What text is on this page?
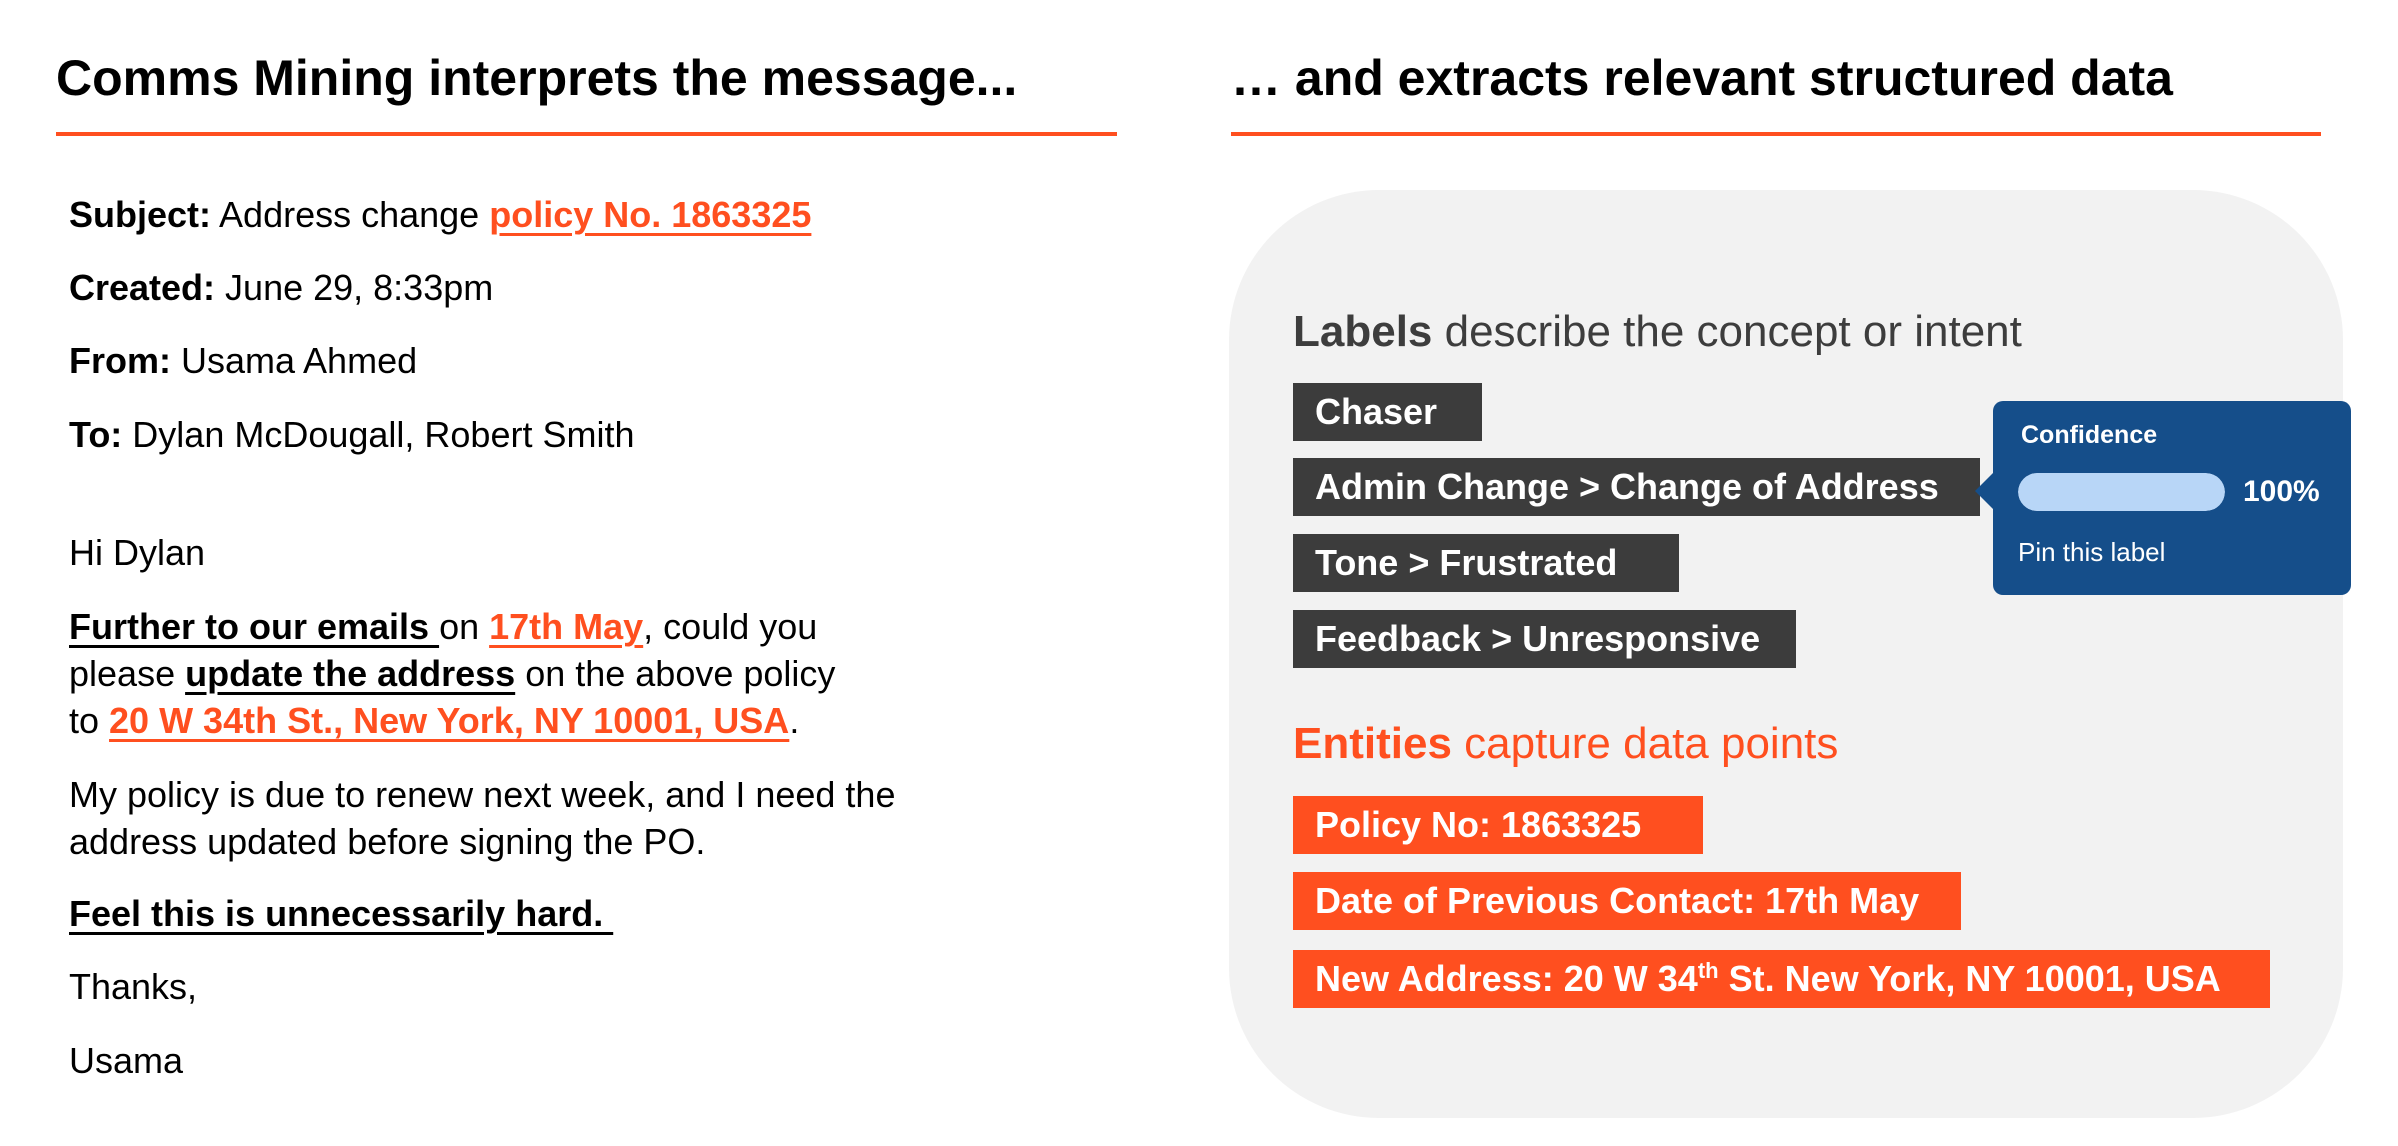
Comms Mining interprets the message...	… and extracts relevant structured data

Subject: Address change policy No. 1863325

Created: June 29, 8:33pm

From: Usama Ahmed

To: Dylan McDougall, Robert Smith

Hi Dylan

Further to our emails on 17th May, could you

please update the address on the above policy

to 20 W 34th St., New York, NY 10001, USA.

My policy is due to renew next week, and I need the

address updated before signing the PO.

Feel this is unnecessarily hard.

Thanks,

Usama

Labels describe the concept or intent

Chaser
Admin Change > Change of Address
Tone > Frustrated
Feedback > Unresponsive
Confidence
100%
Pin this label

Entities capture data points

Policy No: 1863325
Date of Previous Contact: 17th May
New Address: 20 W 34th St. New York, NY 10001, USA
